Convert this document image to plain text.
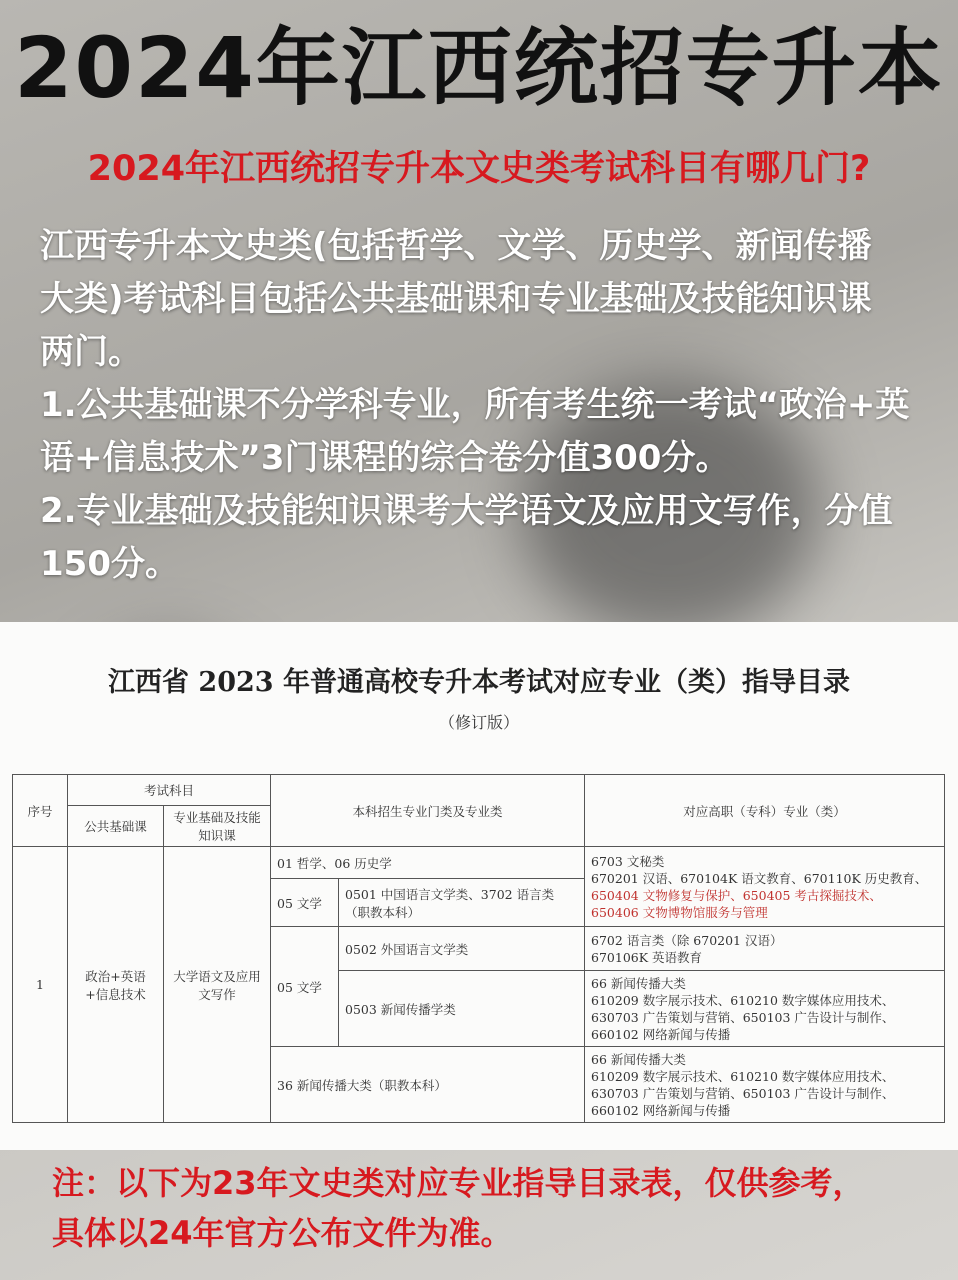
2024年江西统招专升本
2024年江西统招专升本文史类考试科目有哪几门?

江西专升本文史类(包括哲学、文学、历史学、新闻传播

大类)考试科目包括公共基础课和专业基础及技能知识课

两门。

1.公共基础课不分学科专业，所有考生统一考试“政治+英

语+信息技术”3门课程的综合卷分值300分。

2.专业基础及技能知识课考大学语文及应用文写作，分值

150分。

江西省 2023 年普通高校专升本考试对应专业（类）指导目录
（修订版）
序号	考试科目		本科招生专业门类及专业类		对应高职（专科）专业（类）
	公共基础课	专业基础及技能知识课			
1	政治+英语+信息技术	大学语文及应用文写作	01 哲学、06 历史学		6703 文秘类
670201 汉语、670104K 语文教育、670110K 历史教育、
650404 文物修复与保护、650405 考古探掘技术、
650406 文物博物馆服务与管理

			05 文学	0501 中国语言文学类、3702 语言类（职教本科）	
			05 文学	0502 外国语言文学类	6702 语言类（除 670201 汉语）
670106K 英语教育

				0503 新闻传播学类	66 新闻传播大类
610209 数字展示技术、610210 数字媒体应用技术、
630703 广告策划与营销、650103 广告设计与制作、
660102 网络新闻与传播

			36 新闻传播大类（职教本科）		66 新闻传播大类
610209 数字展示技术、610210 数字媒体应用技术、
630703 广告策划与营销、650103 广告设计与制作、
660102 网络新闻与传播

注：以下为23年文史类对应专业指导目录表，仅供参考，

具体以24年官方公布文件为准。
